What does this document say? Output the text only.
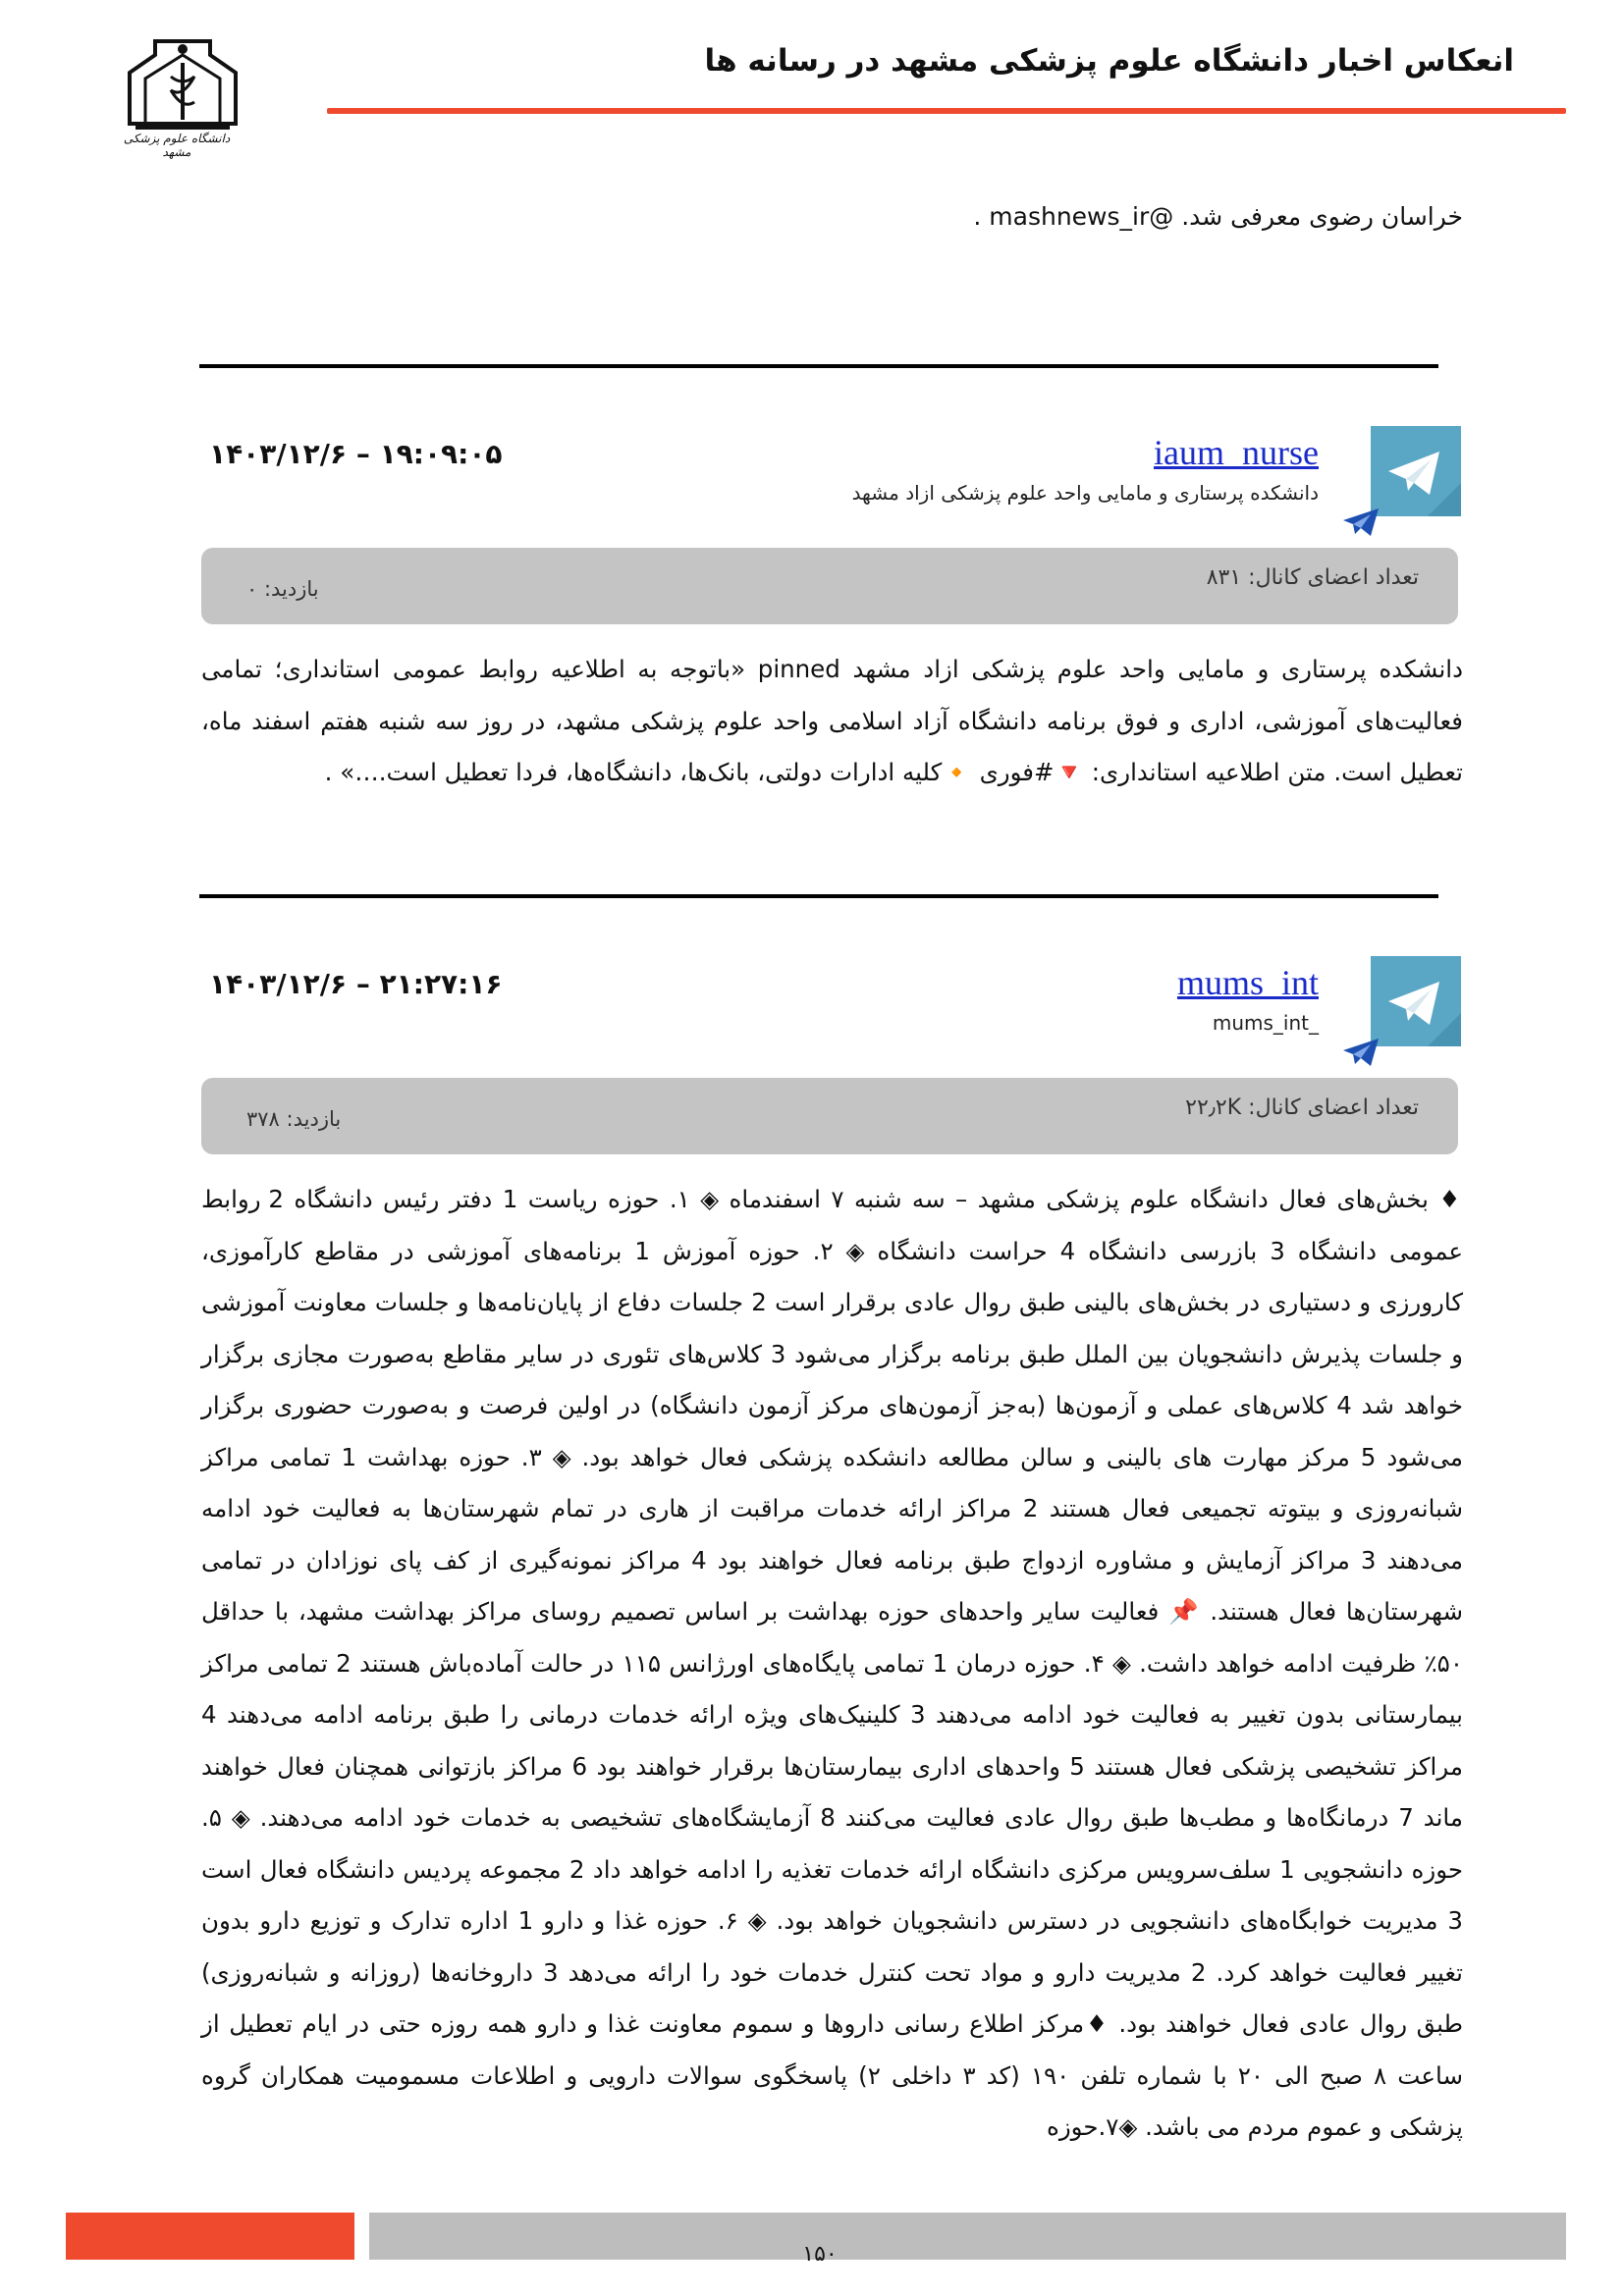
دانشگاه علوم پزشکی مشهد
انعکاس اخبار دانشگاه علوم پزشکی مشهد در رسانه ها
خراسان رضوی معرفی شد. @mashnews_ir .
iaum_nurse
دانشکده پرستاری و مامایی واحد علوم پزشکی ازاد مشهد
۱۴۰۳/۱۲/۶ – ۱۹:۰۹:۰۵
تعداد اعضای کانال: ۸۳۱
بازدید: ۰
دانشکده پرستاری و مامایی واحد علوم پزشکی ازاد مشهد pinned «باتوجه به اطلاعیه روابط عمومی استانداری؛ تمامی فعالیت‌های آموزشی، اداری و فوق برنامه دانشگاه آزاد اسلامی واحد علوم پزشکی مشهد، در روز سه شنبه هفتم اسفند ماه، تعطیل است. متن اطلاعیه استانداری: 🔻#فوری 🔸کلیه ادارات دولتی، بانک‌ها، دانشگاه‌ها، فردا تعطیل است.…» .
mums_int
mums_int_
۱۴۰۳/۱۲/۶ – ۲۱:۲۷:۱۶
تعداد اعضای کانال: ۲۲٫۲K
بازدید: ۳۷۸
♦ بخش‌های فعال دانشگاه علوم پزشکی مشهد – سه شنبه ۷ اسفندماه ◈ ۱. حوزه ریاست 1 دفتر رئیس دانشگاه 2 روابط عمومی دانشگاه 3 بازرسی دانشگاه 4 حراست دانشگاه ◈ ۲. حوزه آموزش 1 برنامه‌های آموزشی در مقاطع کارآموزی، کارورزی و دستیاری در بخش‌های بالینی طبق روال عادی برقرار است 2 جلسات دفاع از پایان‌نامه‌ها و جلسات معاونت آموزشی و جلسات پذیرش دانشجویان بین الملل طبق برنامه برگزار می‌شود 3 کلاس‌های تئوری در سایر مقاطع به‌صورت مجازی برگزار خواهد شد 4 کلاس‌های عملی و آزمون‌ها (به‌جز آزمون‌های مرکز آزمون دانشگاه) در اولین فرصت و به‌صورت حضوری برگزار می‌شود 5 مرکز مهارت های بالینی و سالن مطالعه دانشکده پزشکی فعال خواهد بود. ◈ ۳. حوزه بهداشت 1 تمامی مراکز شبانه‌روزی و بیتوته تجمیعی فعال هستند 2 مراکز ارائه خدمات مراقبت از هاری در تمام شهرستان‌ها به فعالیت خود ادامه می‌دهند 3 مراکز آزمایش و مشاوره ازدواج طبق برنامه فعال خواهند بود 4 مراکز نمونه‌گیری از کف پای نوزادان در تمامی شهرستان‌ها فعال هستند. 📌 فعالیت سایر واحدهای حوزه بهداشت بر اساس تصمیم روسای مراکز بهداشت مشهد، با حداقل ۵۰٪ ظرفیت ادامه خواهد داشت. ◈ ۴. حوزه درمان 1 تمامی پایگاه‌های اورژانس ۱۱۵ در حالت آماده‌باش هستند 2 تمامی مراکز بیمارستانی بدون تغییر به فعالیت خود ادامه می‌دهند 3 کلینیک‌های ویژه ارائه خدمات درمانی را طبق برنامه ادامه می‌دهند 4 مراکز تشخیصی پزشکی فعال هستند 5 واحدهای اداری بیمارستان‌ها برقرار خواهند بود 6 مراکز بازتوانی همچنان فعال خواهند ماند 7 درمانگاه‌ها و مطب‌ها طبق روال عادی فعالیت می‌کنند 8 آزمایشگاه‌های تشخیصی به خدمات خود ادامه می‌دهند. ◈ ۵. حوزه دانشجویی 1 سلف‌سرویس مرکزی دانشگاه ارائه خدمات تغذیه را ادامه خواهد داد 2 مجموعه پردیس دانشگاه فعال است 3 مدیریت خوابگاه‌های دانشجویی در دسترس دانشجویان خواهد بود. ◈ ۶. حوزه غذا و دارو 1 اداره تدارک و توزیع دارو بدون تغییر فعالیت خواهد کرد. 2 مدیریت دارو و مواد تحت کنترل خدمات خود را ارائه می‌دهد 3 داروخانه‌ها (روزانه و شبانه‌روزی) طبق روال عادی فعال خواهند بود. ♦مرکز اطلاع رسانی داروها و سموم معاونت غذا و دارو همه روزه حتی در ایام تعطیل از ساعت ۸ صبح الی ۲۰ با شماره تلفن ۱۹۰ (کد ۳ داخلی ۲) پاسخگوی سوالات دارویی و اطلاعات مسمومیت همکاران گروه پزشکی و عموم مردم می باشد. ◈۷.حوزه
۱۵۰
